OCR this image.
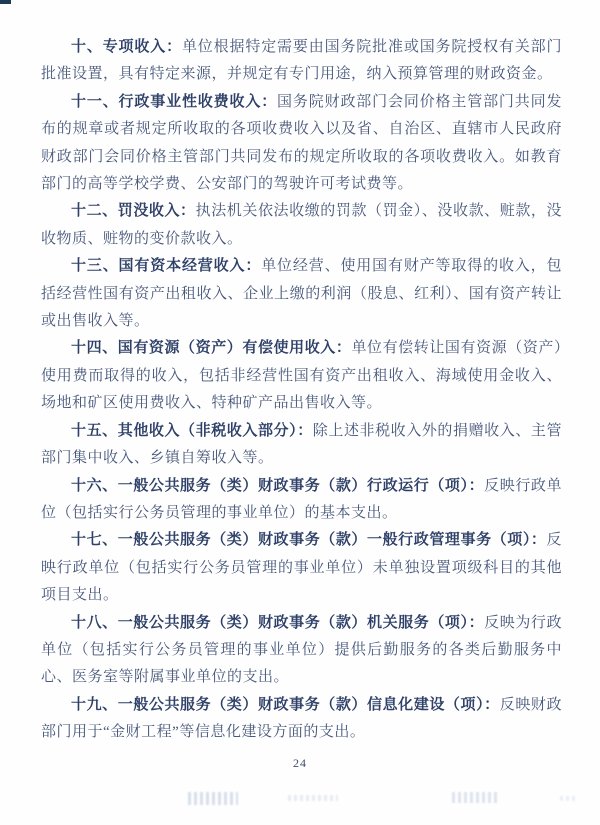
十、专项收入：单位根据特定需要由国务院批准或国务院授权有关部门批准设置，具有特定来源，并规定有专门用途，纳入预算管理的财政资金。

十一、行政事业性收费收入：国务院财政部门会同价格主管部门共同发布的规章或者规定所收取的各项收费收入以及省、自治区、直辖市人民政府财政部门会同价格主管部门共同发布的规定所收取的各项收费收入。如教育部门的高等学校学费、公安部门的驾驶许可考试费等。

十二、罚没收入：执法机关依法收缴的罚款（罚金）、没收款、赃款，没收物质、赃物的变价款收入。

十三、国有资本经营收入：单位经营、使用国有财产等取得的收入，包括经营性国有资产出租收入、企业上缴的利润（股息、红利）、国有资产转让或出售收入等。

十四、国有资源（资产）有偿使用收入：单位有偿转让国有资源（资产）使用费而取得的收入，包括非经营性国有资产出租收入、海域使用金收入、场地和矿区使用费收入、特种矿产品出售收入等。

十五、其他收入（非税收入部分）：除上述非税收入外的捐赠收入、主管部门集中收入、乡镇自筹收入等。

十六、一般公共服务（类）财政事务（款）行政运行（项）：反映行政单位（包括实行公务员管理的事业单位）的基本支出。

十七、一般公共服务（类）财政事务（款）一般行政管理事务（项）：反映行政单位（包括实行公务员管理的事业单位）未单独设置项级科目的其他项目支出。

十八、一般公共服务（类）财政事务（款）机关服务（项）：反映为行政单位（包括实行公务员管理的事业单位）提供后勤服务的各类后勤服务中心、医务室等附属事业单位的支出。

十九、一般公共服务（类）财政事务（款）信息化建设（项）：反映财政部门用于“金财工程”等信息化建设方面的支出。

24
